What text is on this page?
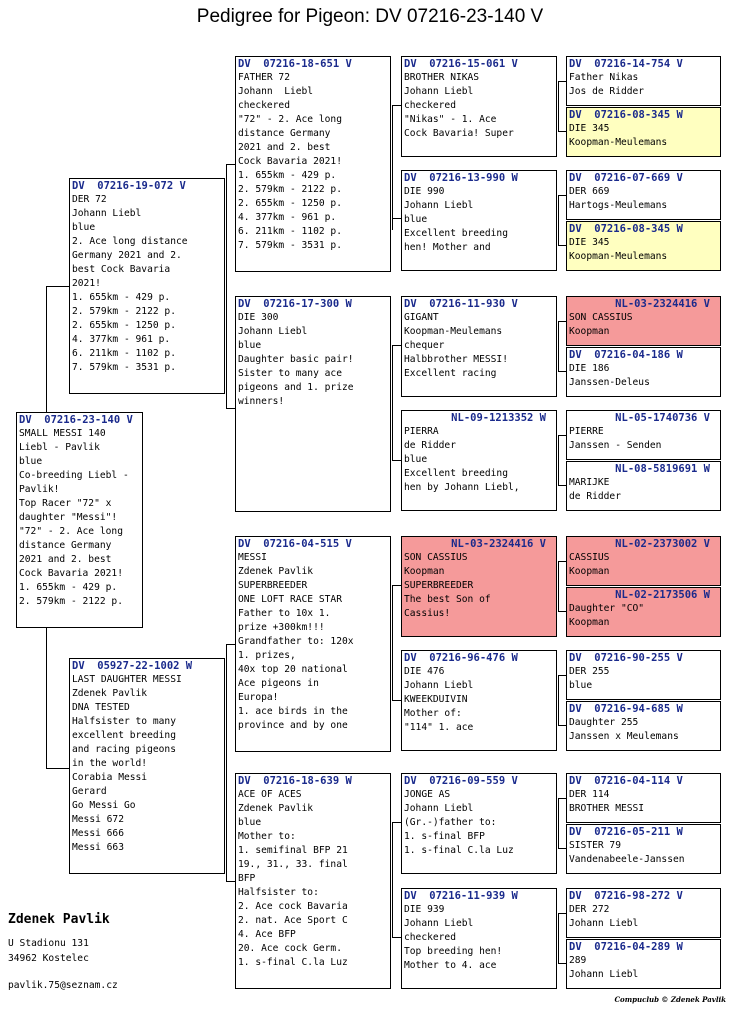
Pedigree for Pigeon: DV 07216-23-140 V
DV  07216-23-140 V
SMALL MESSI 140
Liebl - Pavlik
blue
Co-breeding Liebl -
Pavlik!
Top Racer "72" x
daughter "Messi"!
"72" - 2. Ace long
distance Germany
2021 and 2. best
Cock Bavaria 2021!
1. 655km - 429 p.
2. 579km - 2122 p.
DV  07216-19-072 V
DER 72
Johann Liebl
blue
2. Ace long distance
Germany 2021 and 2.
best Cock Bavaria
2021!
1. 655km - 429 p.
2. 579km - 2122 p.
2. 655km - 1250 p.
4. 377km - 961 p.
6. 211km - 1102 p.
7. 579km - 3531 p.
DV  05927-22-1002 W
LAST DAUGHTER MESSI
Zdenek Pavlik
DNA TESTED
Halfsister to many
excellent breeding
and racing pigeons
in the world!
Corabia Messi
Gerard
Go Messi Go
Messi 672
Messi 666
Messi 663
DV  07216-18-651 V
FATHER 72
Johann  Liebl
checkered
"72" - 2. Ace long
distance Germany
2021 and 2. best
Cock Bavaria 2021!
1. 655km - 429 p.
2. 579km - 2122 p.
2. 655km - 1250 p.
4. 377km - 961 p.
6. 211km - 1102 p.
7. 579km - 3531 p.
DV  07216-17-300 W
DIE 300
Johann Liebl
blue
Daughter basic pair!
Sister to many ace
pigeons and 1. prize
winners!
DV  07216-04-515 V
MESSI
Zdenek Pavlik
SUPERBREEDER
ONE LOFT RACE STAR
Father to 10x 1.
prize +300km!!!
Grandfather to: 120x
1. prizes,
40x top 20 national
Ace pigeons in
Europa!
1. ace birds in the
province and by one
DV  07216-18-639 W
ACE OF ACES
Zdenek Pavlik
blue
Mother to:
1. semifinal BFP 21
19., 31., 33. final
BFP
Halfsister to:
2. Ace cock Bavaria
2. nat. Ace Sport C
4. Ace BFP
20. Ace cock Germ.
1. s-final C.la Luz
DV  07216-15-061 V
BROTHER NIKAS
Johann Liebl
checkered
"Nikas" - 1. Ace
Cock Bavaria! Super
DV  07216-13-990 W
DIE 990
Johann Liebl
blue
Excellent breeding
hen! Mother and
DV  07216-11-930 V
GIGANT
Koopman-Meulemans
chequer
Halbbrother MESSI!
Excellent racing
NL-09-1213352 W
PIERRA
de Ridder
blue
Excellent breeding
hen by Johann Liebl,
NL-03-2324416 V
SON CASSIUS
Koopman
SUPERBREEDER
The best Son of
Cassius!
DV  07216-96-476 W
DIE 476
Johann Liebl
KWEEKDUIVIN
Mother of:
"114" 1. ace
DV  07216-09-559 V
JONGE AS
Johann Liebl
(Gr.-)father to:
1. s-final BFP
1. s-final C.la Luz
DV  07216-11-939 W
DIE 939
Johann Liebl
checkered
Top breeding hen!
Mother to 4. ace
DV  07216-14-754 V
Father Nikas
Jos de Ridder
DV  07216-08-345 W
DIE 345
Koopman-Meulemans
DV  07216-07-669 V
DER 669
Hartogs-Meulemans
DV  07216-08-345 W
DIE 345
Koopman-Meulemans
NL-03-2324416 V
SON CASSIUS
Koopman
DV  07216-04-186 W
DIE 186
Janssen-Deleus
NL-05-1740736 V
PIERRE
Janssen - Senden
NL-08-5819691 W
MARIJKE
de Ridder
NL-02-2373002 V
CASSIUS
Koopman
NL-02-2173506 W
Daughter "CO"
Koopman
DV  07216-90-255 V
DER 255
blue
DV  07216-94-685 W
Daughter 255
Janssen x Meulemans
DV  07216-04-114 V
DER 114
BROTHER MESSI
DV  07216-05-211 W
SISTER 79
Vandenabeele-Janssen
DV  07216-98-272 V
DER 272
Johann Liebl
DV  07216-04-289 W
289
Johann Liebl
Zdenek Pavlik
U Stadionu 131
34962 Kostelec
pavlik.75@seznam.cz
Compuclub © Zdenek Pavlik
